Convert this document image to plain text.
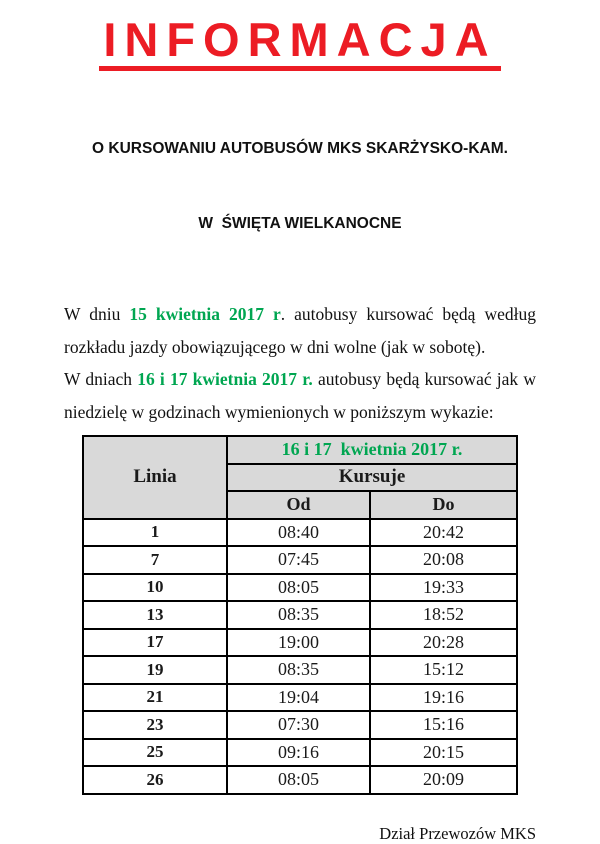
INFORMACJA

O KURSOWANIU AUTOBUSÓW MKS SKARŻYSKO-KAM.

W  ŚWIĘTA WIELKANOCNE

W dniu 15 kwietnia 2017 r. autobusy kursować będą według rozkładu jazdy obowiązującego w dni wolne (jak w sobotę).

W dniach 16 i 17 kwietnia 2017 r. autobusy będą kursować jak w niedzielę w godzinach wymienionych w poniższym wykazie:

Linia	16 i 17  kwietnia 2017 r.	
	Kursuje	
	Od	Do
1	08:40	20:42
7	07:45	20:08
10	08:05	19:33
13	08:35	18:52
17	19:00	20:28
19	08:35	15:12
21	19:04	19:16
23	07:30	15:16
25	09:16	20:15
26	08:05	20:09
Dział Przewozów MKS
